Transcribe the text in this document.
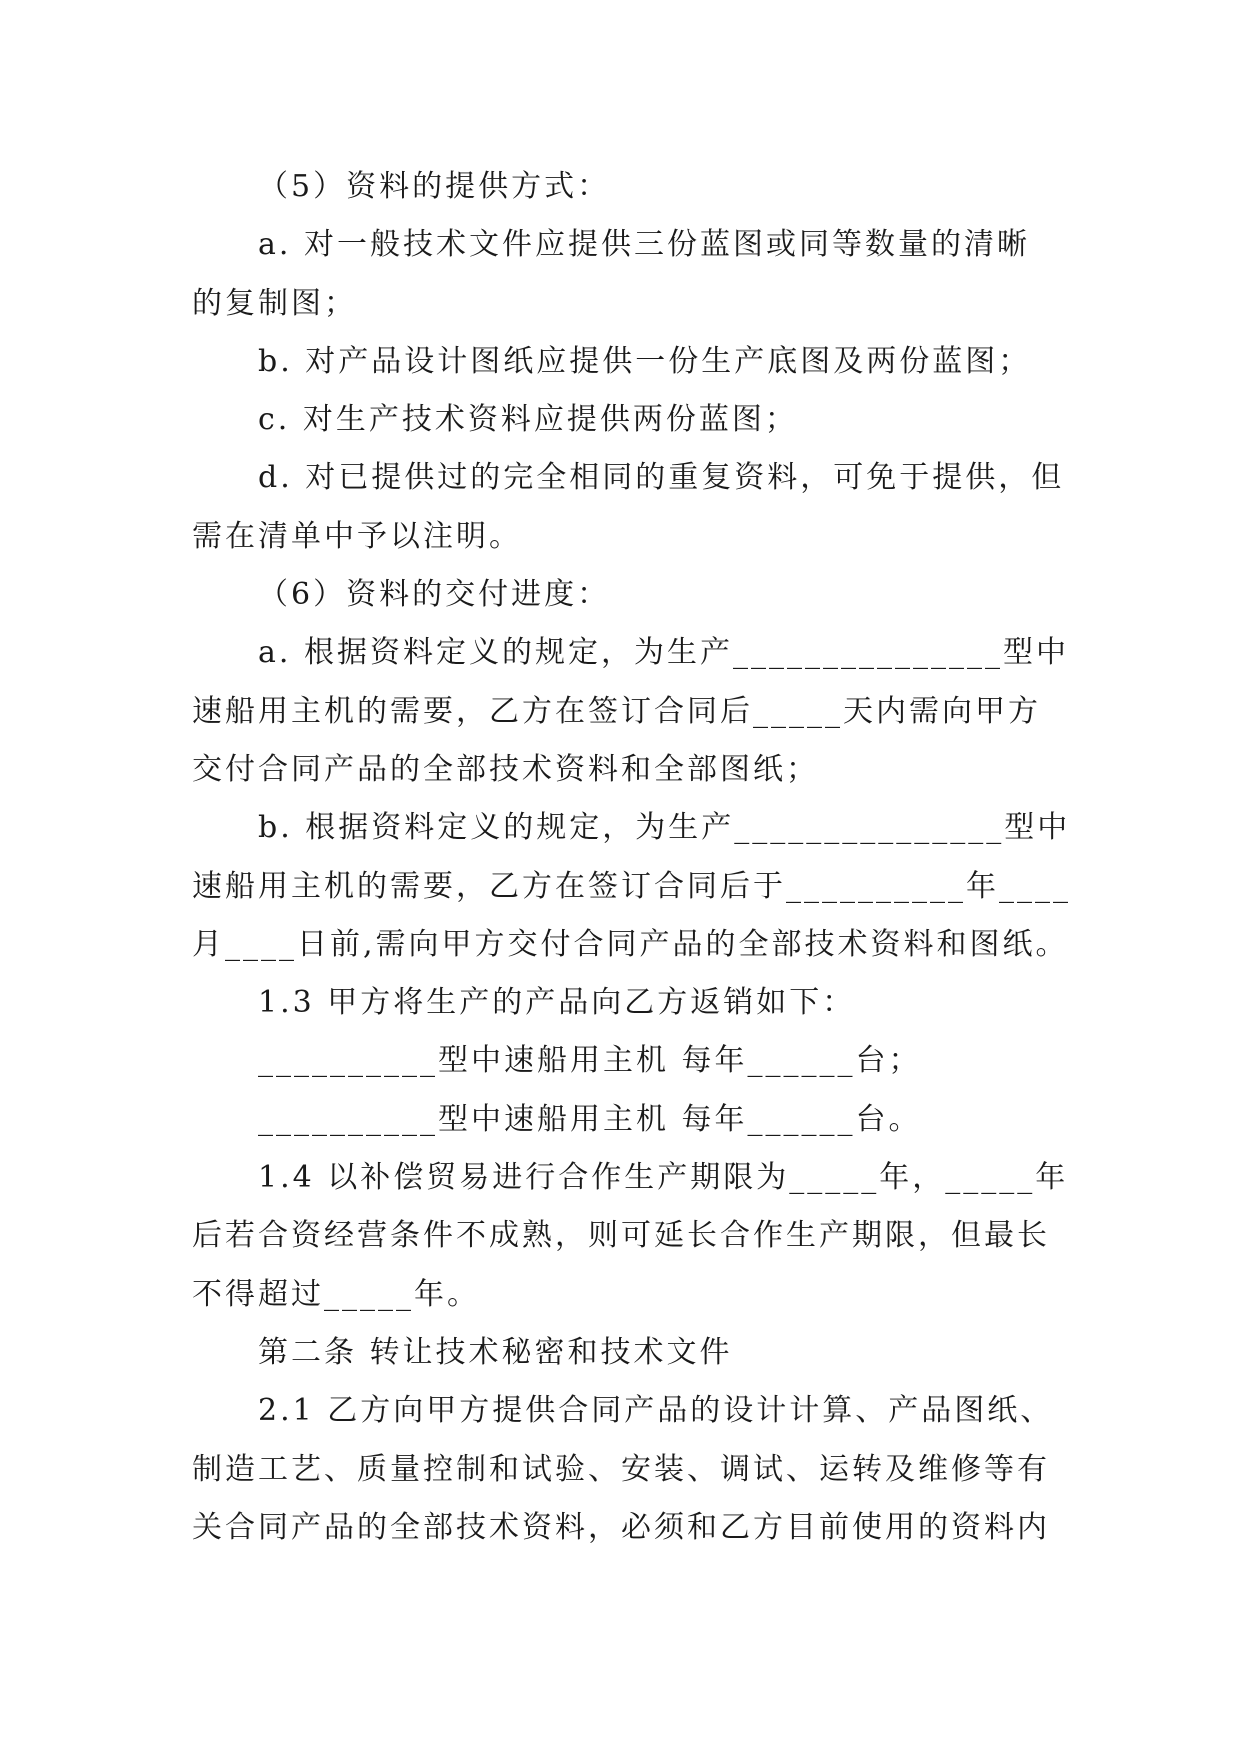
（5）资料的提供方式：
a. 对一般技术文件应提供三份蓝图或同等数量的清晰
的复制图；
b. 对产品设计图纸应提供一份生产底图及两份蓝图；
c. 对生产技术资料应提供两份蓝图；
d. 对已提供过的完全相同的重复资料，可免于提供，但
需在清单中予以注明。
（6）资料的交付进度：
a. 根据资料定义的规定，为生产_______________型中
速船用主机的需要，乙方在签订合同后_____天内需向甲方
交付合同产品的全部技术资料和全部图纸；
b. 根据资料定义的规定，为生产_______________型中
速船用主机的需要，乙方在签订合同后于__________年____
月____日前,需向甲方交付合同产品的全部技术资料和图纸。
1.3 甲方将生产的产品向乙方返销如下：
__________型中速船用主机 每年______台；
__________型中速船用主机 每年______台。
1.4 以补偿贸易进行合作生产期限为_____年，_____年
后若合资经营条件不成熟，则可延长合作生产期限，但最长
不得超过_____年。
第二条 转让技术秘密和技术文件
2.1 乙方向甲方提供合同产品的设计计算、产品图纸、
制造工艺、质量控制和试验、安装、调试、运转及维修等有
关合同产品的全部技术资料，必须和乙方目前使用的资料内
